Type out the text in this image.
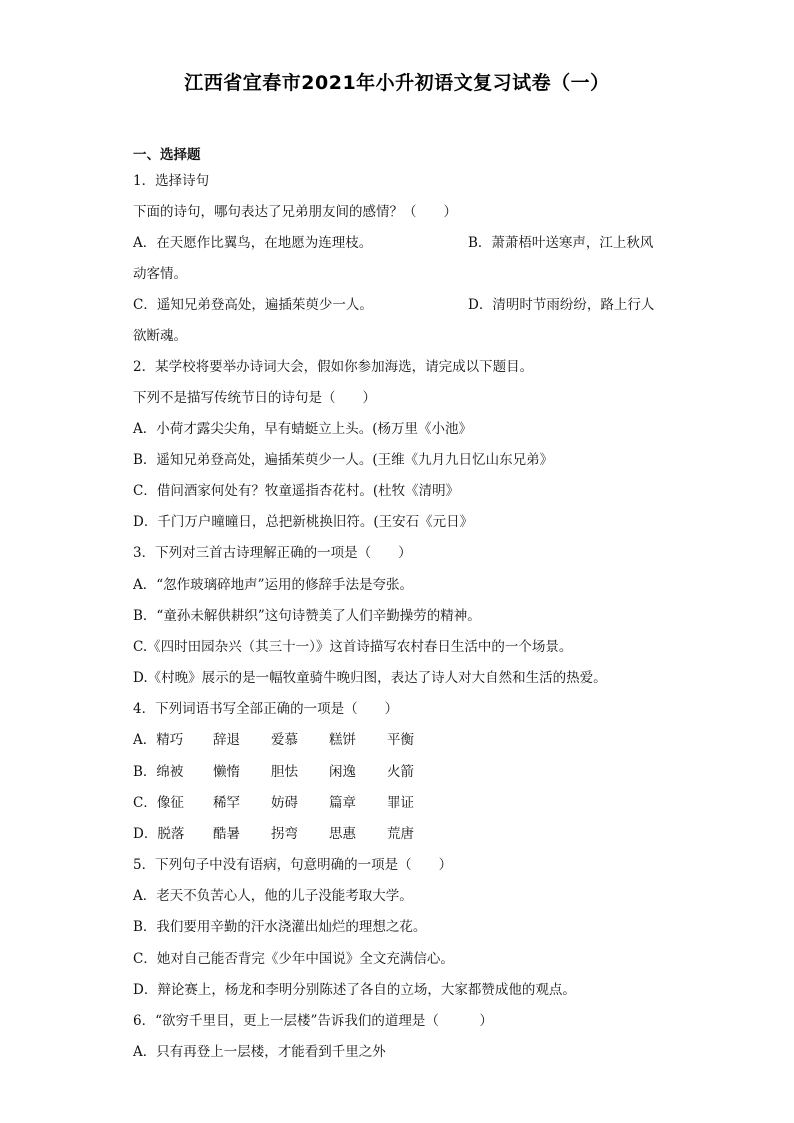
江西省宜春市2021年小升初语文复习试卷（一）
一、选择题
1．选择诗句
下面的诗句，哪句表达了兄弟朋友间的感情？（　　）
A．在天愿作比翼鸟，在地愿为连理枝。	B．萧萧梧叶送寒声，江上秋风
动客情。
C．遥知兄弟登高处，遍插茱萸少一人。	D．清明时节雨纷纷，路上行人
欲断魂。
2．某学校将要举办诗词大会，假如你参加海选，请完成以下题目。
下列不是描写传统节日的诗句是（　　）
A．小荷才露尖尖角，早有蜻蜓立上头。(杨万里《小池》
B．遥知兄弟登高处，遍插茱萸少一人。(王维《九月九日忆山东兄弟》
C．借问酒家何处有？牧童遥指杏花村。(杜牧《清明》
D．千门万户曈曈日，总把新桃换旧符。(王安石《元日》
3．下列对三首古诗理解正确的一项是（　　）
A．“忽作玻璃碎地声”运用的修辞手法是夸张。
B．“童孙未解供耕织”这句诗赞美了人们辛勤操劳的精神。
C.《四时田园杂兴（其三十一）》这首诗描写农村春日生活中的一个场景。
D.《村晚》展示的是一幅牧童骑牛晚归图，表达了诗人对大自然和生活的热爱。
4．下列词语书写全部正确的一项是（　　）
A．精巧 辞退 爱慕 糕饼 平衡
B．绵被 懒惰 胆怯 闲逸 火箭
C．像征 稀罕 妨碍 篇章 罪证
D．脱落 酷暑 拐弯 思惠 荒唐
5．下列句子中没有语病，句意明确的一项是（　　）
A．老天不负苦心人，他的儿子没能考取大学。
B．我们要用辛勤的汗水浇灌出灿烂的理想之花。
C．她对自己能否背完《少年中国说》全文充满信心。
D．辩论赛上，杨龙和李明分别陈述了各自的立场，大家都赞成他的观点。
6．“欲穷千里目，更上一层楼”告诉我们的道理是（　　　）
A．只有再登上一层楼，才能看到千里之外
